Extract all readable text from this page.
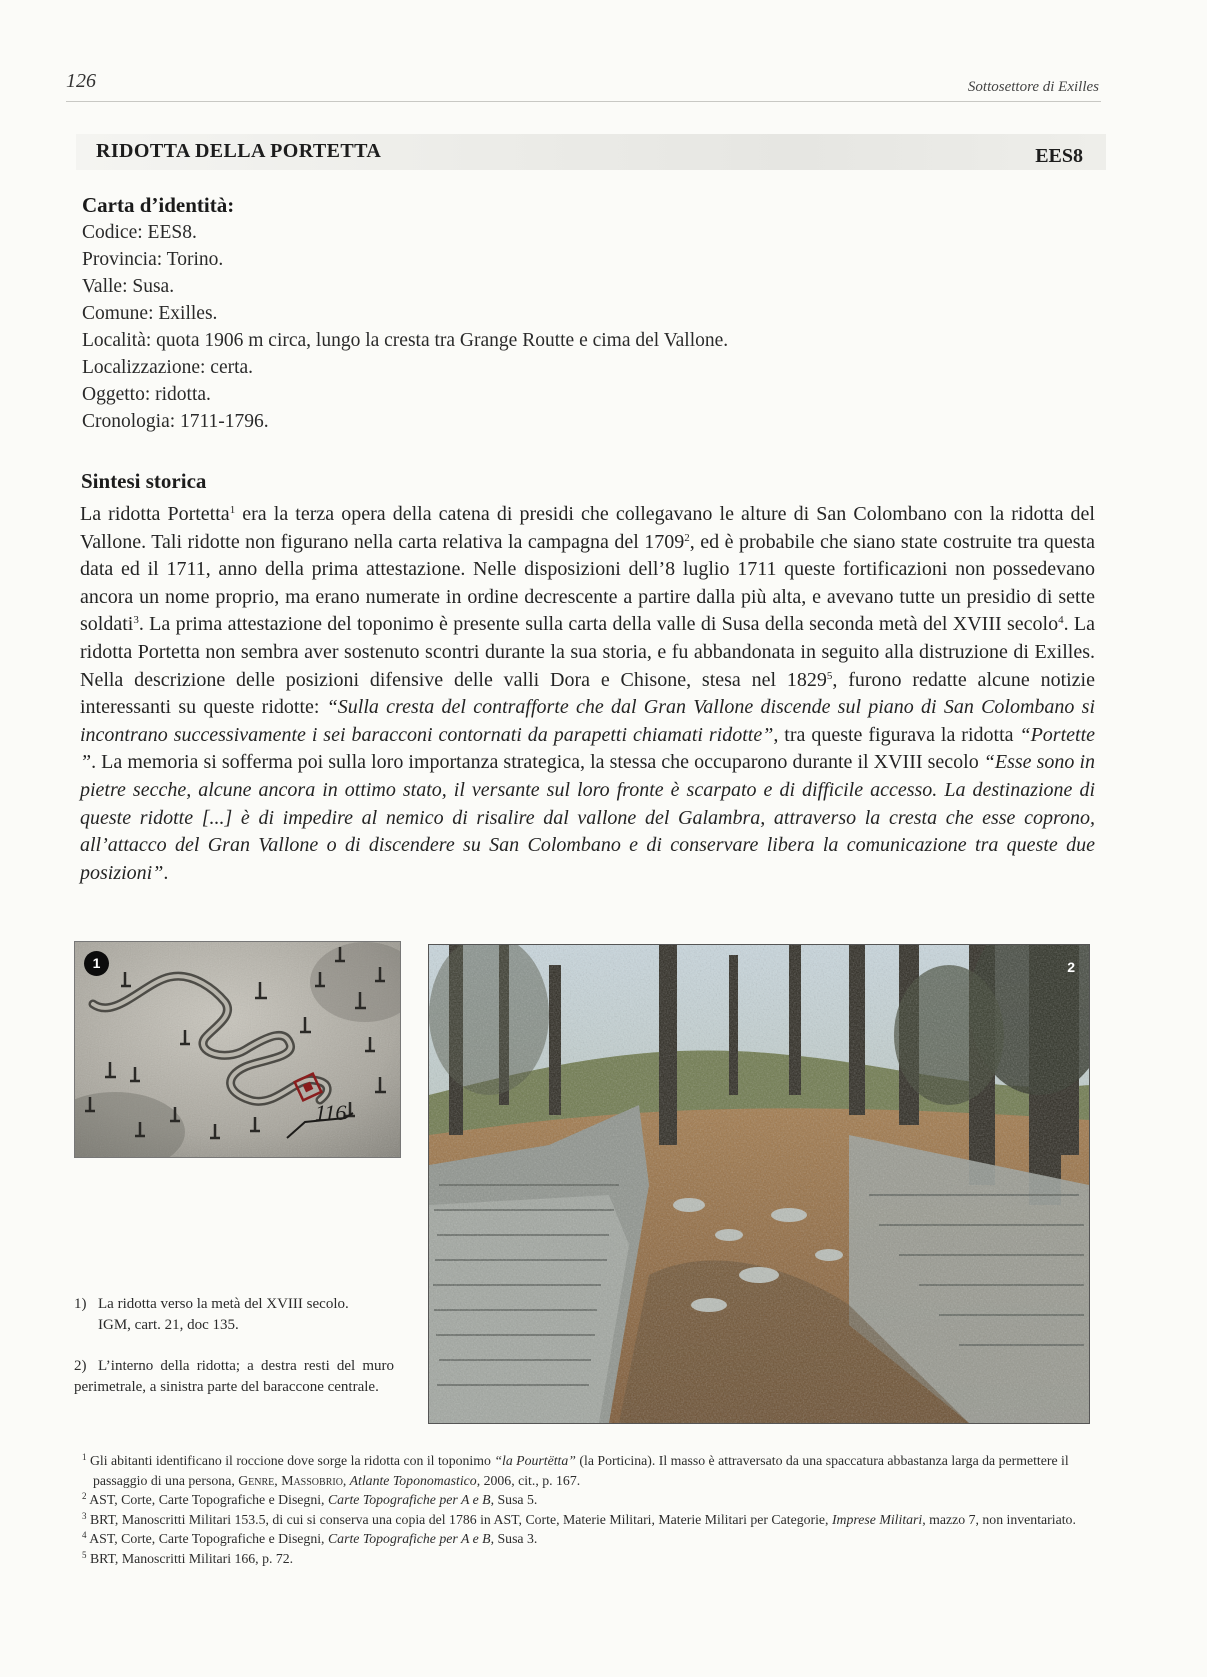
126	Sottosettore di Exilles
RIDOTTA DELLA PORTETTA	EES8
Carta d’identità:
Codice: EES8.
Provincia: Torino.
Valle: Susa.
Comune: Exilles.
Località: quota 1906 m circa, lungo la cresta tra Grange Routte e cima del Vallone.
Localizzazione: certa.
Oggetto: ridotta.
Cronologia: 1711-1796.
Sintesi storica
La ridotta Portetta$^1$ era la terza opera della catena di presidi che collegavano le alture di San Colombano con la ridotta del Vallone. Tali ridotte non figurano nella carta relativa la campagna del 1709$^2$, ed è probabile che siano state costruite tra questa data ed il 1711, anno della prima attestazione. Nelle disposizioni dell’8 luglio 1711 queste fortificazioni non possedevano ancora un nome proprio, ma erano numerate in ordine decrescente a partire dalla più alta, e avevano tutte un presidio di sette soldati$^3$. La prima attestazione del toponimo è presente sulla carta della valle di Susa della seconda metà del XVIII secolo$^4$. La ridotta Portetta non sembra aver sostenuto scontri durante la sua storia, e fu abbandonata in seguito alla distruzione di Exilles. Nella descrizione delle posizioni difensive delle valli Dora e Chisone, stesa nel 1829$^5$, furono redatte alcune notizie interessanti su queste ridotte: “Sulla cresta del contrafforte che dal Gran Vallone discende sul piano di San Colombano si incontrano successivamente i sei baracconi contornati da parapetti chiamati ridotte”, tra queste figurava la ridotta “Portette ”. La memoria si sofferma poi sulla loro importanza strategica, la stessa che occuparono durante il XVIII secolo “Esse sono in pietre secche, alcune ancora in ottimo stato, il versante sul loro fronte è scarpato e di difficile accesso. La destinazione di queste ridotte [...] è di impedire al nemico di risalire dal vallone del Galambra, attraverso la cresta che esse coprono, all’attacco del Gran Vallone o di discendere su San Colombano e di conservare libera la comunicazione tra queste due posizioni”.
116
1	2
1) La ridotta verso la metà del XVIII secolo.
IGM, cart. 21, doc 135.
2) L’interno della ridotta; a destra resti del muro perimetrale, a sinistra parte del baraccone centrale.
$^1$ Gli abitanti identificano il roccione dove sorge la ridotta con il toponimo “la Pourtëtta” (la Porticina). Il masso è attraversato da una spaccatura abbastanza larga da permettere il passaggio di una persona, Genre, Massobrio, Atlante Toponomastico, 2006, cit., p. 167.
$^2$ AST, Corte, Carte Topografiche e Disegni, Carte Topografiche per A e B, Susa 5.
$^3$ BRT, Manoscritti Militari 153.5, di cui si conserva una copia del 1786 in AST, Corte, Materie Militari, Materie Militari per Categorie, Imprese Militari, mazzo 7, non inventariato.
$^4$ AST, Corte, Carte Topografiche e Disegni, Carte Topografiche per A e B, Susa 3.
$^5$ BRT, Manoscritti Militari 166, p. 72.
